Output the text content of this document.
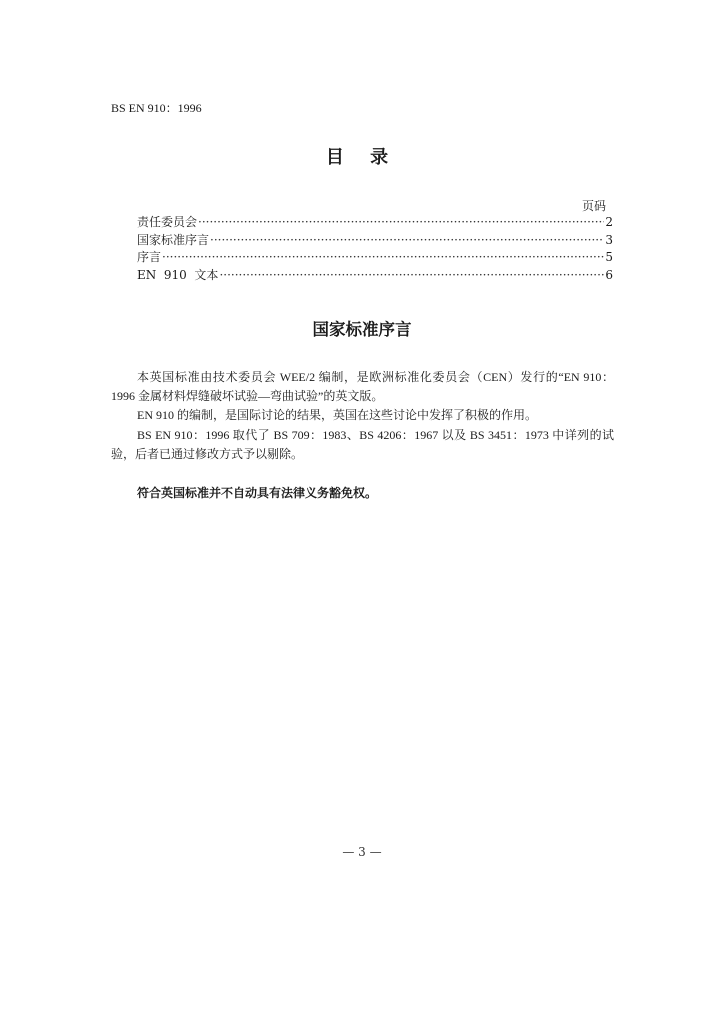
BS EN 910：1996
目 录
页码
责任委员会 ·····	2
国家标准序言 ·····	3
序言 ·····	5
EN  910  文本 ·····	6
国家标准序言

本英国标准由技术委员会 WEE/2 编制，是欧洲标准化委员会（CEN）发行的“EN 910：1996 金属材料焊缝破坏试验—弯曲试验”的英文版。

EN 910 的编制，是国际讨论的结果，英国在这些讨论中发挥了积极的作用。

BS EN 910：1996 取代了 BS 709：1983、BS 4206：1967 以及 BS 3451：1973 中详列的试验，后者已通过修改方式予以剔除。

符合英国标准并不自动具有法律义务豁免权。
— 3 —
